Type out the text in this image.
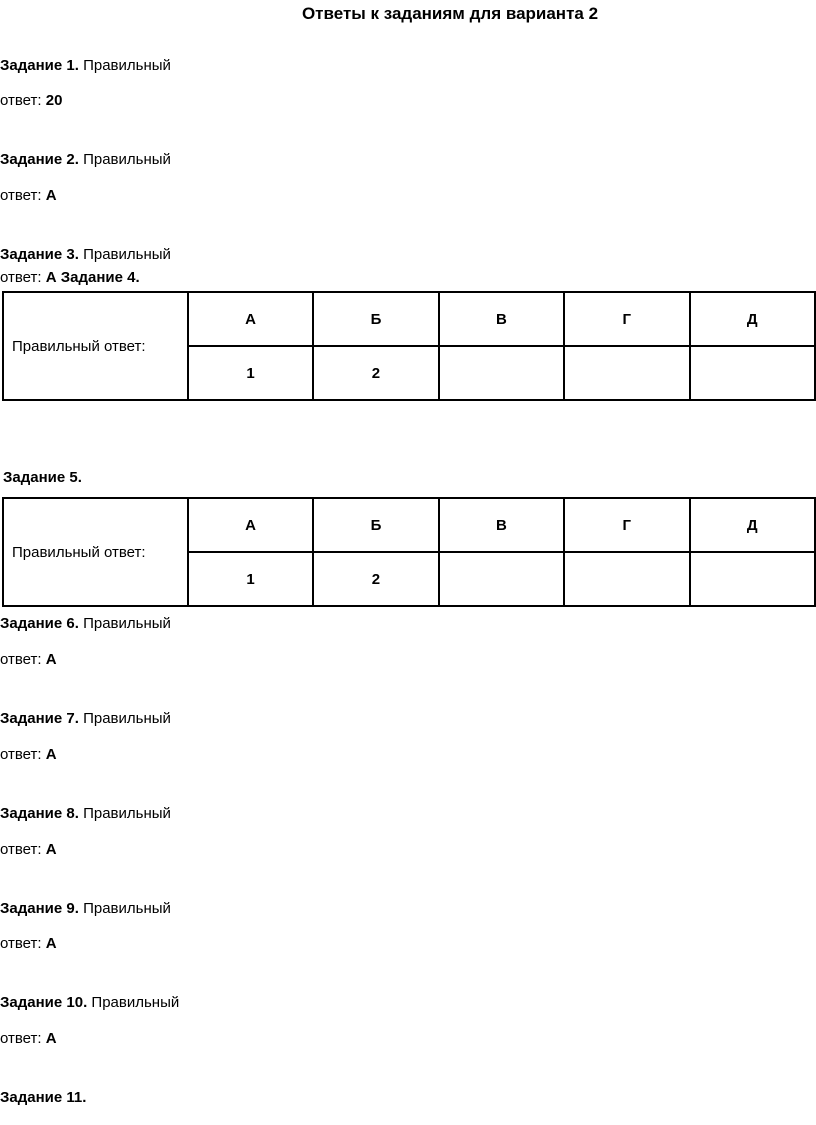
Ответы к заданиям для варианта 2
Задание 1. Правильный
ответ: 20
Задание 2. Правильный
ответ: А
Задание 3. Правильный
ответ: А Задание 4.
Правильный ответ:	А	Б	В	Г	Д
	1	2			
Задание 5.
Правильный ответ:	А	Б	В	Г	Д
	1	2			
Задание 6. Правильный
ответ: А
Задание 7. Правильный
ответ: А
Задание 8. Правильный
ответ: А
Задание 9. Правильный
ответ: А
Задание 10. Правильный
ответ: А
Задание 11.
